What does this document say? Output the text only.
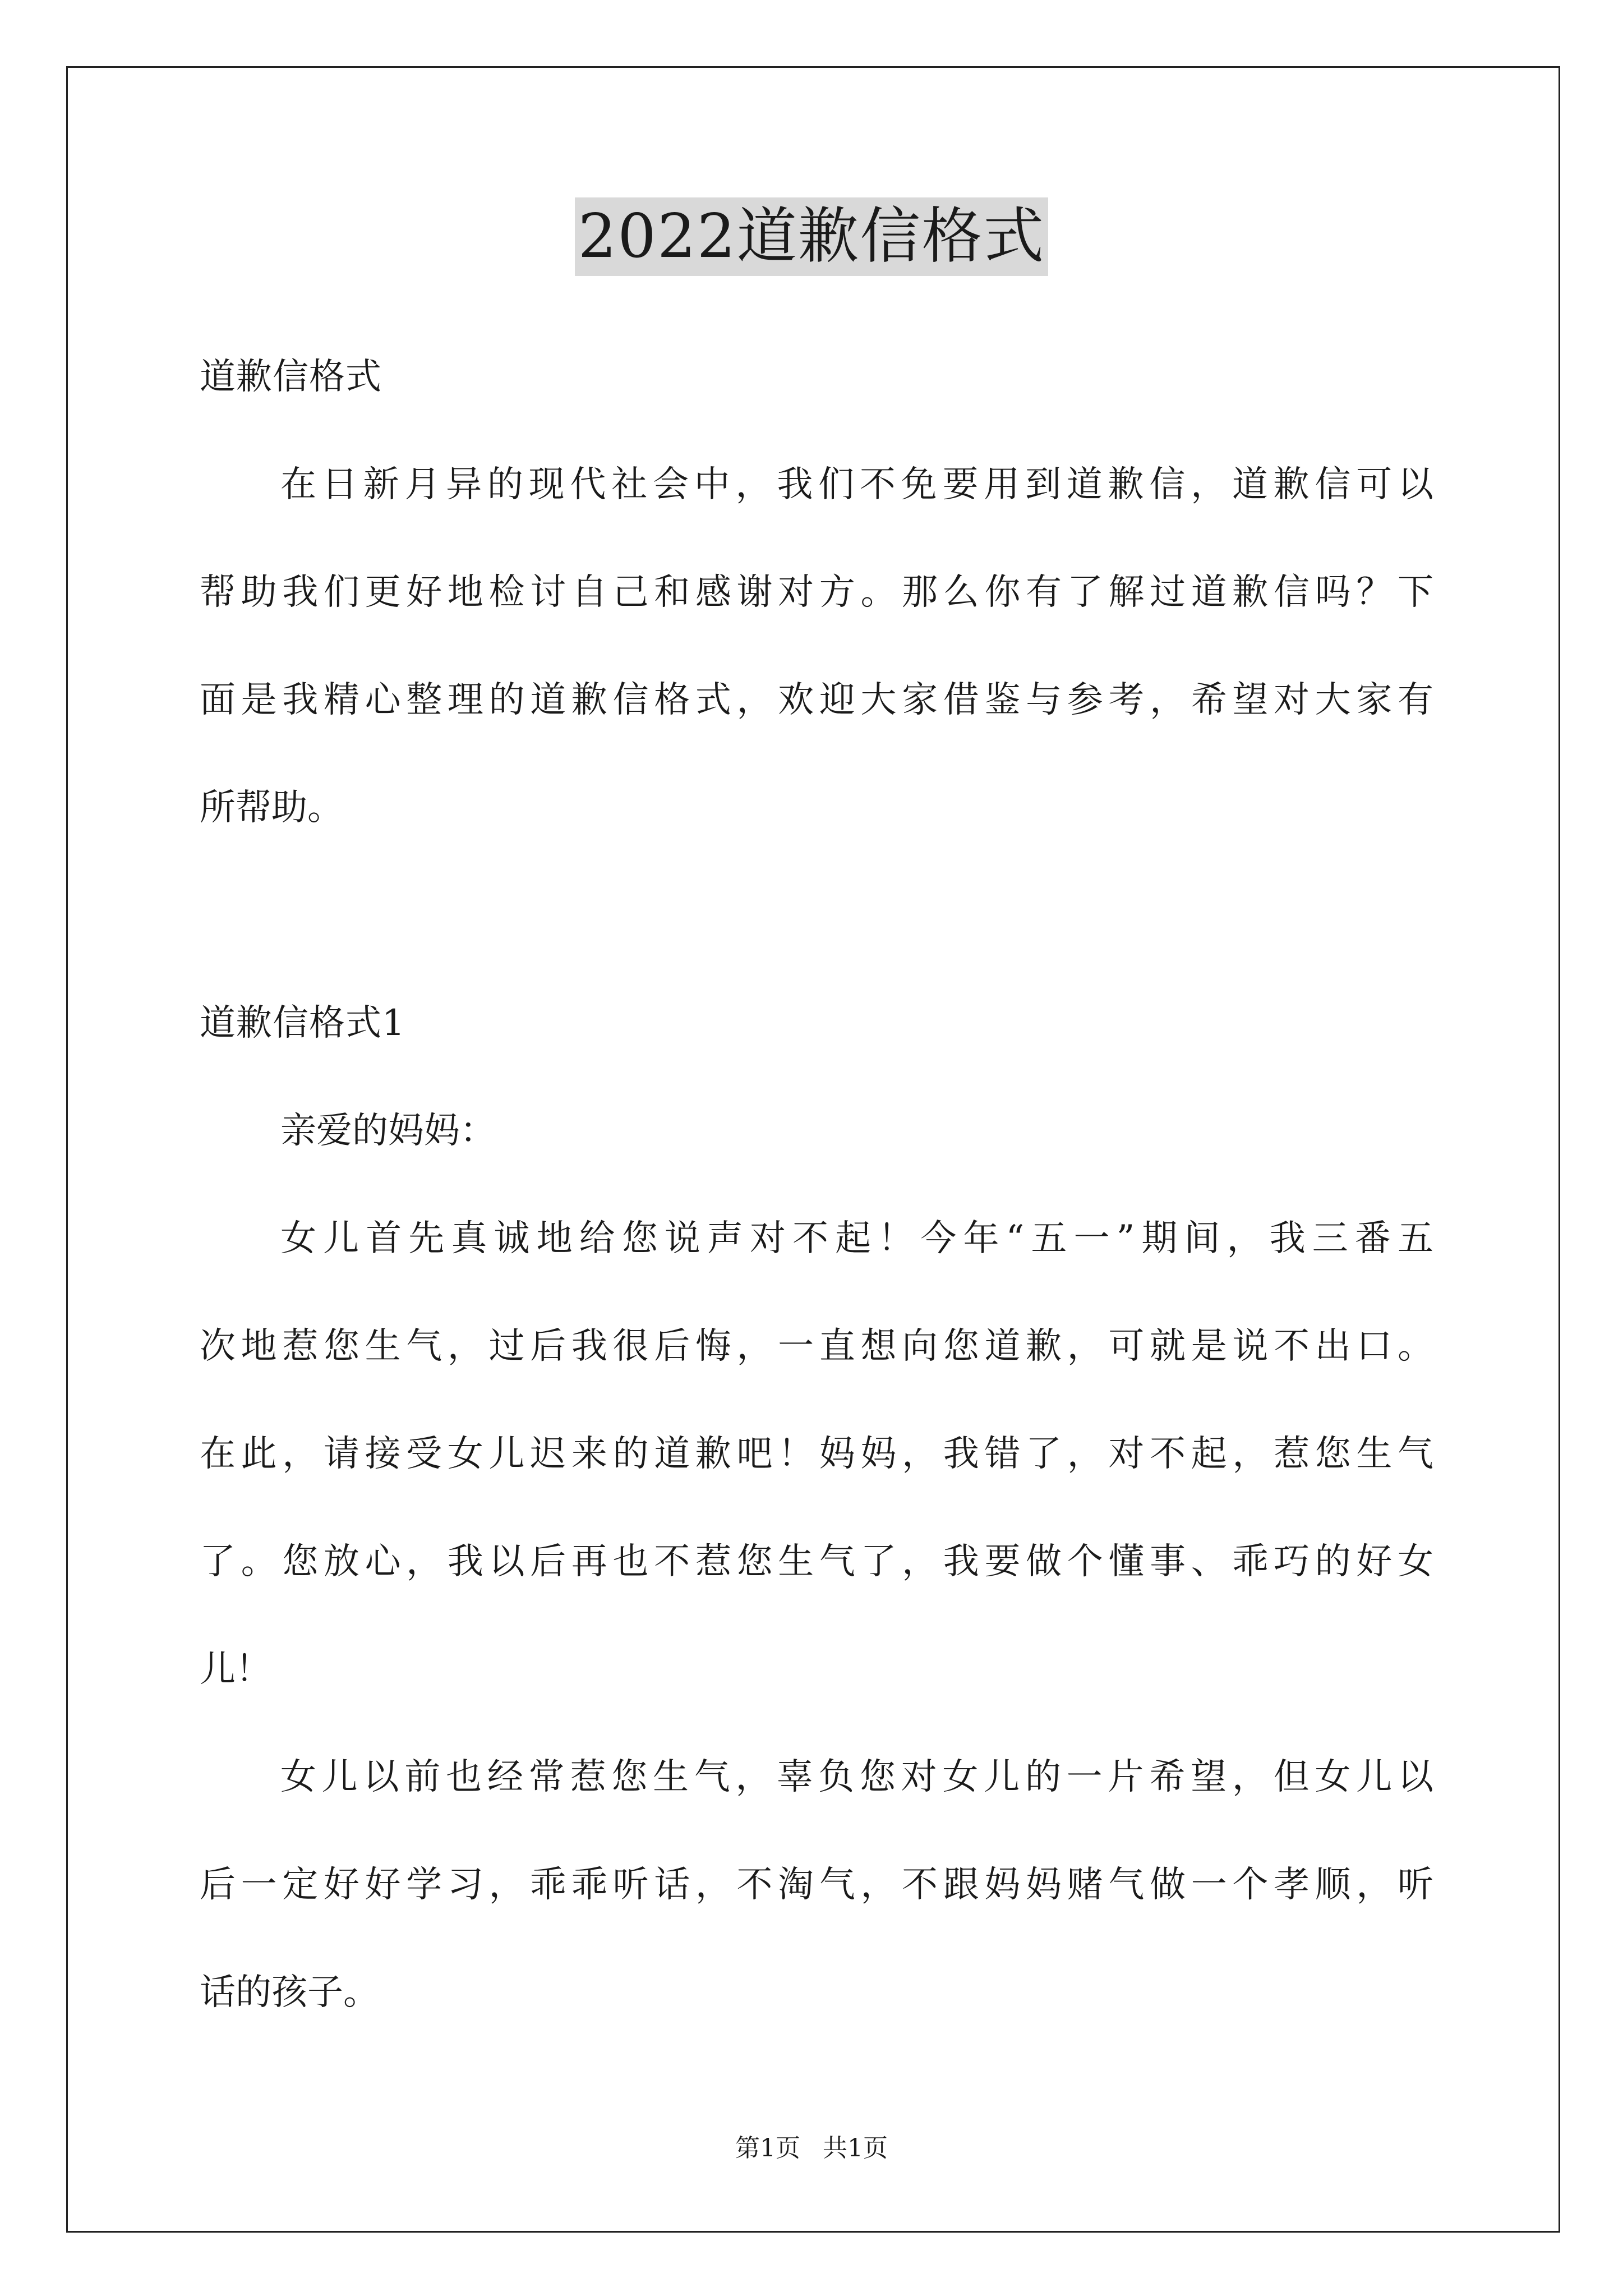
2022道歉信格式
道歉信格式
在日新月异的现代社会中，我们不免要用到道歉信，道歉信可以
帮助我们更好地检讨自己和感谢对方。那么你有了解过道歉信吗？下
面是我精心整理的道歉信格式，欢迎大家借鉴与参考，希望对大家有
所帮助。
道歉信格式1
亲爱的妈妈：
女儿首先真诚地给您说声对不起！今年“五一”期间，我三番五
次地惹您生气，过后我很后悔，一直想向您道歉，可就是说不出口。
在此，请接受女儿迟来的道歉吧！妈妈，我错了，对不起，惹您生气
了。您放心，我以后再也不惹您生气了，我要做个懂事、乖巧的好女
儿！
女儿以前也经常惹您生气，辜负您对女儿的一片希望，但女儿以
后一定好好学习，乖乖听话，不淘气，不跟妈妈赌气做一个孝顺，听
话的孩子。
第1页 共1页
